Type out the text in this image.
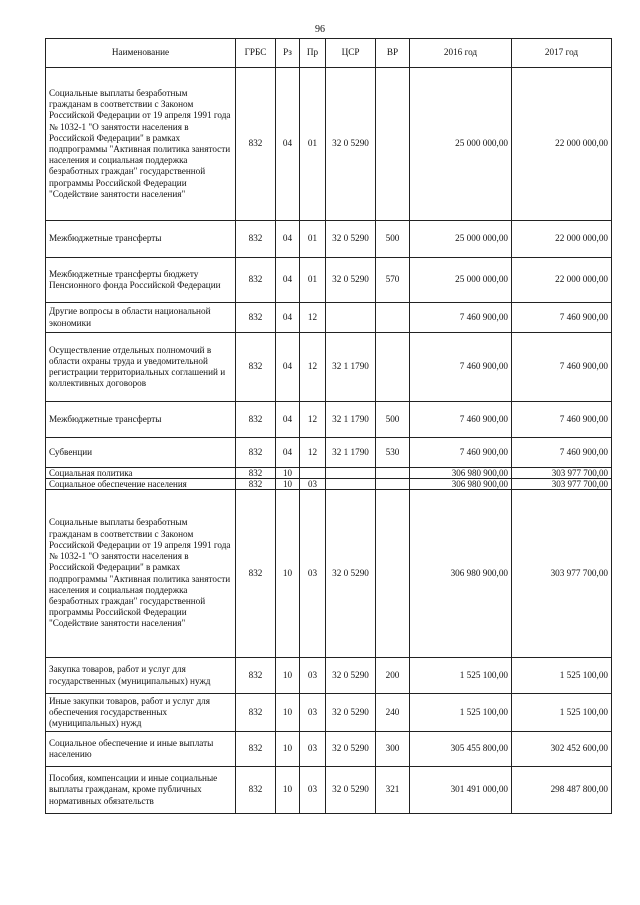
96
Наименование	ГРБС	Рз	Пр	ЦСР	ВР	2016 год	2017 год
Социальные выплаты безработным гражданам в соответствии с Законом Российской Федерации от 19 апреля 1991 года № 1032-1 "О занятости населения в Российской Федерации" в рамках подпрограммы "Активная политика занятости населения и социальная поддержка безработных граждан" государственной программы Российской Федерации "Содействие занятости населения"	832	04	01	32 0 5290		25 000 000,00	22 000 000,00
Межбюджетные трансферты	832	04	01	32 0 5290	500	25 000 000,00	22 000 000,00
Межбюджетные трансферты бюджету Пенсионного фонда Российской Федерации	832	04	01	32 0 5290	570	25 000 000,00	22 000 000,00
Другие вопросы в области национальной экономики	832	04	12			7 460 900,00	7 460 900,00
Осуществление отдельных полномочий в области охраны труда и уведомительной регистрации территориальных соглашений и коллективных договоров	832	04	12	32 1 1790		7 460 900,00	7 460 900,00
Межбюджетные трансферты	832	04	12	32 1 1790	500	7 460 900,00	7 460 900,00
Субвенции	832	04	12	32 1 1790	530	7 460 900,00	7 460 900,00
Социальная политика	832	10				306 980 900,00	303 977 700,00
Социальное обеспечение населения	832	10	03			306 980 900,00	303 977 700,00
Социальные выплаты безработным гражданам в соответствии с Законом Российской Федерации от 19 апреля 1991 года № 1032-1 "О занятости населения в Российской Федерации" в рамках подпрограммы "Активная политика занятости населения и социальная поддержка безработных граждан" государственной программы Российской Федерации "Содействие занятости населения"	832	10	03	32 0 5290		306 980 900,00	303 977 700,00
Закупка товаров, работ и услуг для государственных (муниципальных) нужд	832	10	03	32 0 5290	200	1 525 100,00	1 525 100,00
Иные закупки товаров, работ и услуг для обеспечения государственных (муниципальных) нужд	832	10	03	32 0 5290	240	1 525 100,00	1 525 100,00
Социальное обеспечение и иные выплаты населению	832	10	03	32 0 5290	300	305 455 800,00	302 452 600,00
Пособия, компенсации и иные социальные выплаты гражданам, кроме публичных нормативных обязательств	832	10	03	32 0 5290	321	301 491 000,00	298 487 800,00
